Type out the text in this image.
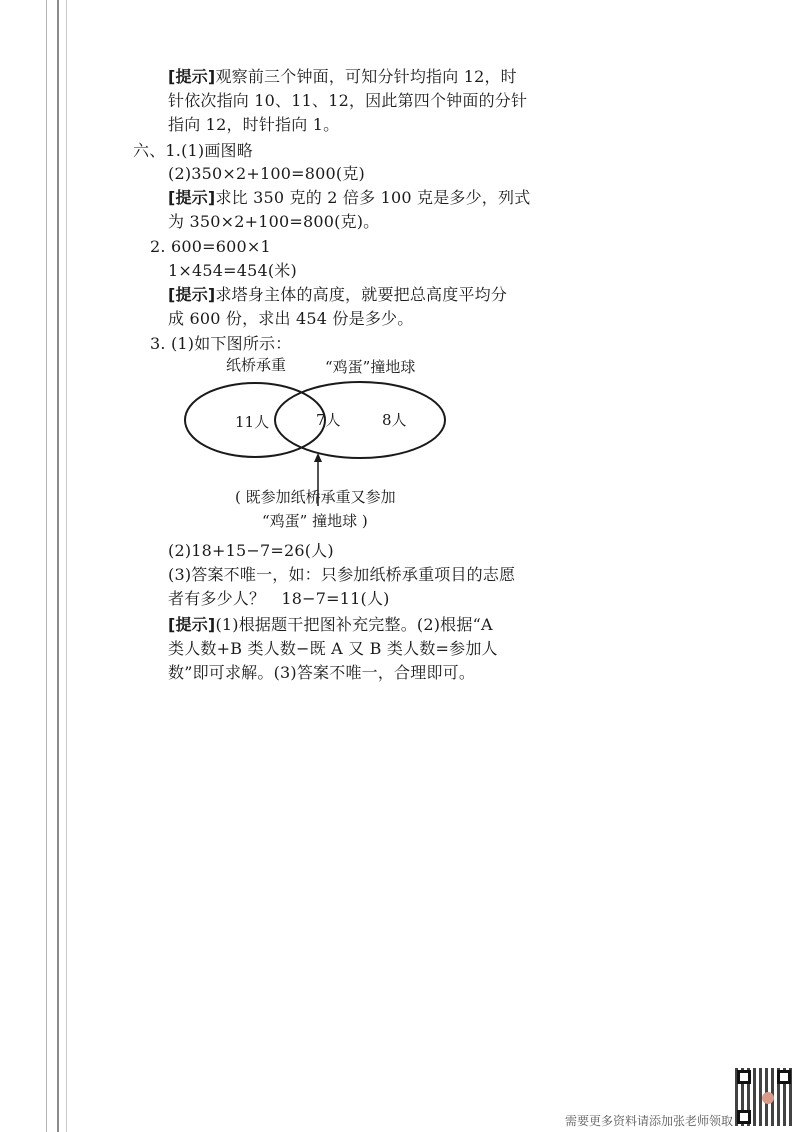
[提示]观察前三个钟面，可知分针均指向 12，时
针依次指向 10、11、12，因此第四个钟面的分针
指向 12，时针指向 1。
六、1.(1)画图略
(2)350×2+100=800(克)
[提示]求比 350 克的 2 倍多 100 克是多少，列式
为 350×2+100=800(克)。
2. 600=600×1
1×454=454(米)
[提示]求塔身主体的高度，就要把总高度平均分
成 600 份，求出 454 份是多少。
3. (1)如下图所示：
纸桥承重	“鸡蛋”撞地球
11人	7人	8人
( 既参加纸桥承重又参加
“鸡蛋” 撞地球 )
(2)18+15−7=26(人)
(3)答案不唯一，如：只参加纸桥承重项目的志愿
者有多少人？　18−7=11(人)
[提示](1)根据题干把图补充完整。(2)根据“A
类人数+B 类人数−既 A 又 B 类人数=参加人
数”即可求解。(3)答案不唯一，合理即可。
需要更多资料请添加张老师领取
